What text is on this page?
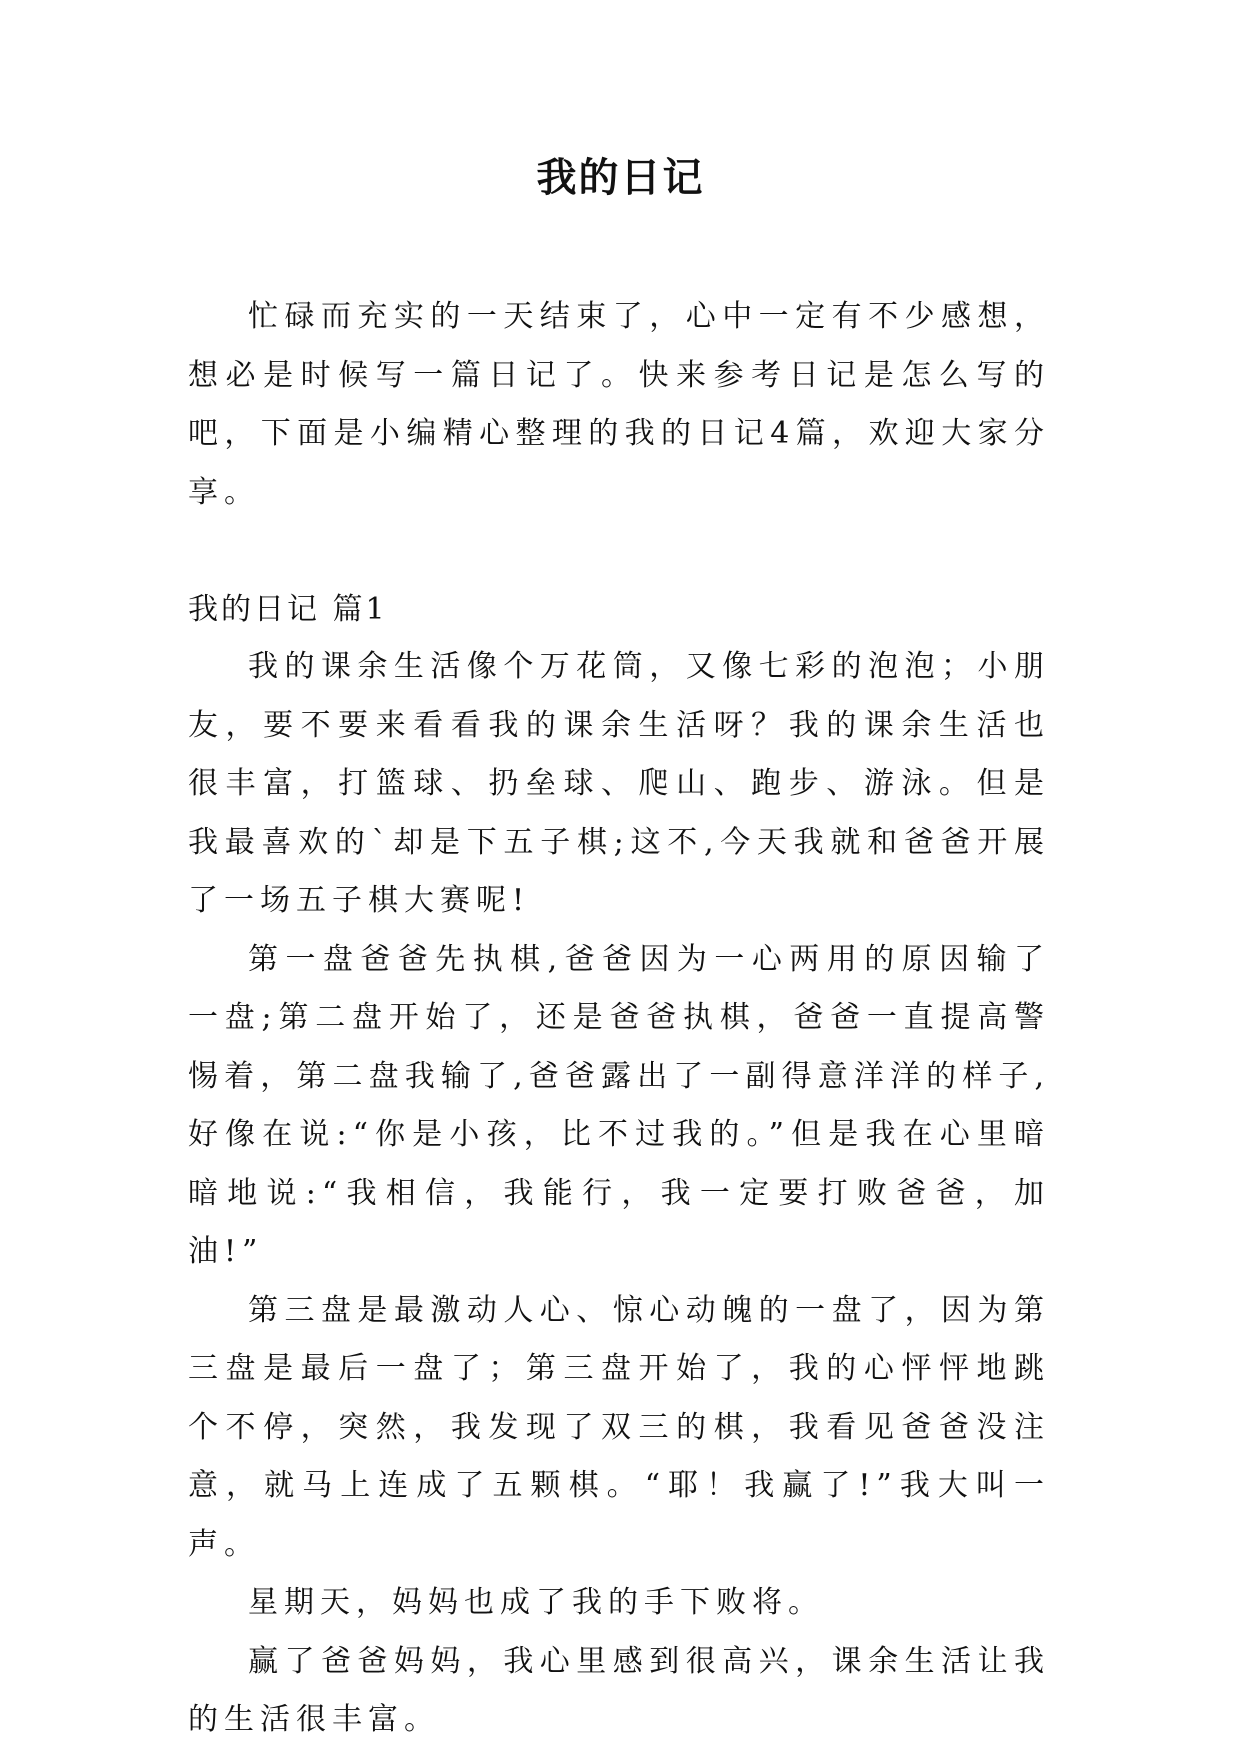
我的日记

忙碌而充实的一天结束了，心中一定有不少感想，想必是时候写一篇日记了。快来参考日记是怎么写的吧，下面是小编精心整理的我的日记4篇，欢迎大家分享。

我的日记 篇1

我的课余生活像个万花筒，又像七彩的泡泡；小朋友，要不要来看看我的课余生活呀？我的课余生活也很丰富，打篮球、扔垒球、爬山、跑步、游泳。但是我最喜欢的`却是下五子棋;这不,今天我就和爸爸开展了一场五子棋大赛呢!

第一盘爸爸先执棋,爸爸因为一心两用的原因输了一盘;第二盘开始了，还是爸爸执棋，爸爸一直提高警惕着，第二盘我输了,爸爸露出了一副得意洋洋的样子,好像在说:“你是小孩，比不过我的。”但是我在心里暗暗地说:“我相信，我能行，我一定要打败爸爸，加油!”

第三盘是最激动人心、惊心动魄的一盘了，因为第三盘是最后一盘了；第三盘开始了，我的心怦怦地跳个不停，突然，我发现了双三的棋，我看见爸爸没注意，就马上连成了五颗棋。“耶！我赢了!”我大叫一声。

星期天，妈妈也成了我的手下败将。

赢了爸爸妈妈，我心里感到很高兴，课余生活让我的生活很丰富。
